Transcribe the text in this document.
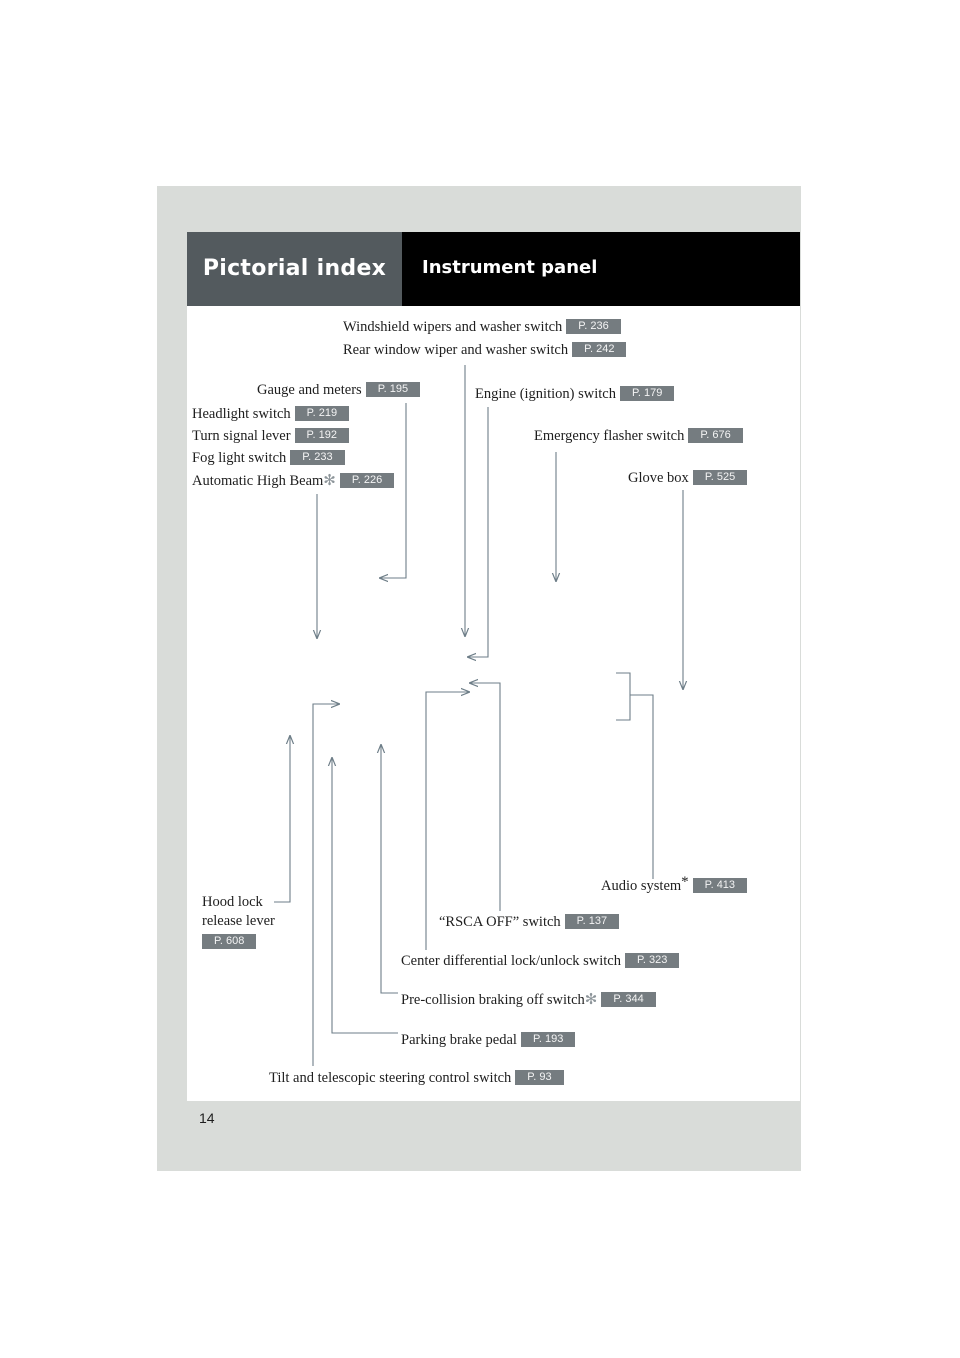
Pictorial index	Instrument panel
Windshield wipers and washer switch P. 236
Rear window wiper and washer switch P. 242
Gauge and meters P. 195
Headlight switch P. 219
Turn signal lever P. 192
Fog light switch P. 233
Automatic High Beam✻ P. 226
Engine (ignition) switch P. 179
Emergency flasher switch P. 676
Glove box P. 525
Audio system* P. 413
Hood lock
release lever
P. 608
“RSCA OFF” switch P. 137
Center differential lock/unlock switch P. 323
Pre-collision braking off switch✻ P. 344
Parking brake pedal P. 193
Tilt and telescopic steering control switch P. 93
14
